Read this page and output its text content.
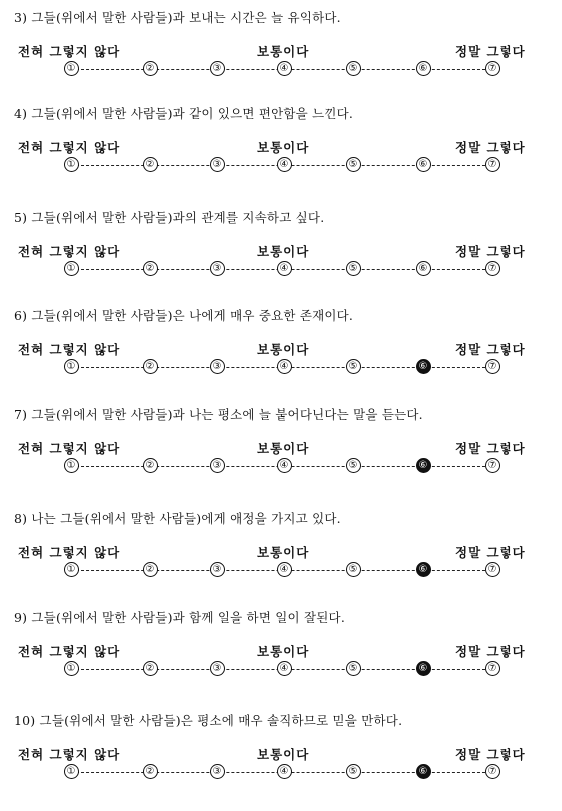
3) 그들(위에서 말한 사람들)과 보내는 시간은 늘 유익하다.
전혀 그렇지 않다	보통이다	정말 그렇다
①	②	③	④	⑤	⑥	⑦
4) 그들(위에서 말한 사람들)과 같이 있으면 편안함을 느낀다.
전혀 그렇지 않다	보통이다	정말 그렇다
①	②	③	④	⑤	⑥	⑦
5) 그들(위에서 말한 사람들)과의 관계를 지속하고 싶다.
전혀 그렇지 않다	보통이다	정말 그렇다
①	②	③	④	⑤	⑥	⑦
6) 그들(위에서 말한 사람들)은 나에게 매우 중요한 존재이다.
전혀 그렇지 않다	보통이다	정말 그렇다
①	②	③	④	⑤	⑥	⑦
7) 그들(위에서 말한 사람들)과 나는 평소에 늘 붙어다닌다는 말을 듣는다.
전혀 그렇지 않다	보통이다	정말 그렇다
①	②	③	④	⑤	⑥	⑦
8) 나는 그들(위에서 말한 사람들)에게 애정을 가지고 있다.
전혀 그렇지 않다	보통이다	정말 그렇다
①	②	③	④	⑤	⑥	⑦
9) 그들(위에서 말한 사람들)과 함께 일을 하면 일이 잘된다.
전혀 그렇지 않다	보통이다	정말 그렇다
①	②	③	④	⑤	⑥	⑦
10) 그들(위에서 말한 사람들)은 평소에 매우 솔직하므로 믿을 만하다.
전혀 그렇지 않다	보통이다	정말 그렇다
①	②	③	④	⑤	⑥	⑦
